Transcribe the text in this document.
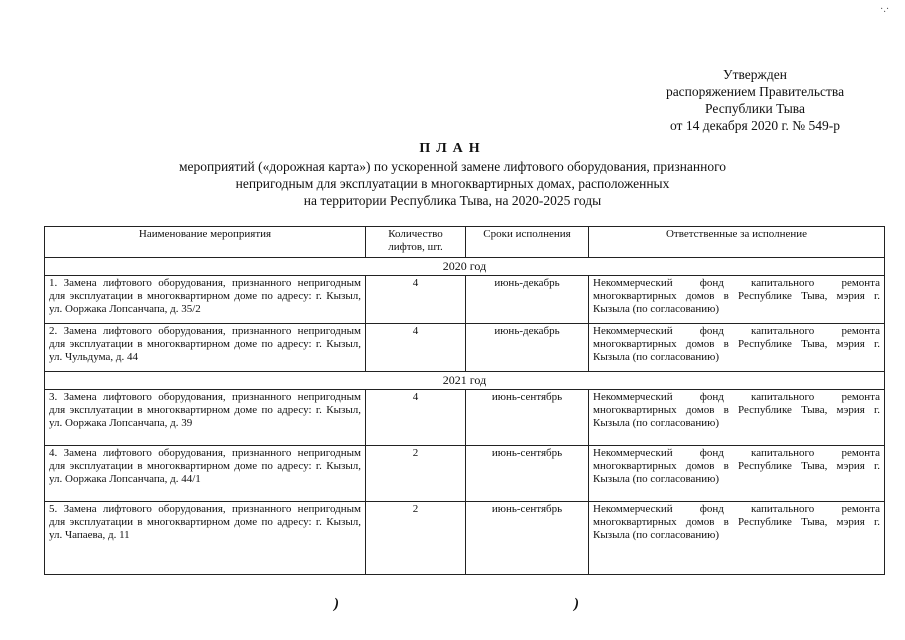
·.·
Утвержден
распоряжением Правительства
Республики Тыва
от 14 декабря 2020 г. № 549-р
ПЛАН
мероприятий («дорожная карта») по ускоренной замене лифтового оборудования, признанного
непригодным для эксплуатации в многоквартирных домах, расположенных
на территории Республика Тыва, на 2020-2025 годы
Наименование мероприятия	Количество лифтов, шт.	Сроки исполнения	Ответственные за исполнение
2020 год			
1. Замена лифтового оборудования, признанного непригодным для эксплуатации в многоквартирном доме по адресу: г. Кызыл, ул. Ооржака Лопсанчапа, д. 35/2	4	июнь-декабрь	Некоммерческий фонд капитального ремонта многоквартирных домов в Республике Тыва, мэрия г. Кызыла (по согласованию)
2. Замена лифтового оборудования, признанного непригодным для эксплуатации в многоквартирном доме по адресу: г. Кызыл, ул. Чульдума, д. 44	4	июнь-декабрь	Некоммерческий фонд капитального ремонта многоквартирных домов в Республике Тыва, мэрия г. Кызыла (по согласованию)
2021 год			
3. Замена лифтового оборудования, признанного непригодным для эксплуатации в многоквартирном доме по адресу: г. Кызыл, ул. Ооржака Лопсанчапа, д. 39	4	июнь-сентябрь	Некоммерческий фонд капитального ремонта многоквартирных домов в Республике Тыва, мэрия г. Кызыла (по согласованию)
4. Замена лифтового оборудования, признанного непригодным для эксплуатации в многоквартирном доме по адресу: г. Кызыл, ул. Ооржака Лопсанчапа, д. 44/1	2	июнь-сентябрь	Некоммерческий фонд капитального ремонта многоквартирных домов в Республике Тыва, мэрия г. Кызыла (по согласованию)
5. Замена лифтового оборудования, признанного непригодным для эксплуатации в многоквартирном доме по адресу: г. Кызыл, ул. Чапаева, д. 11	2	июнь-сентябрь	Некоммерческий фонд капитального ремонта многоквартирных домов в Республике Тыва, мэрия г. Кызыла (по согласованию)
)	)
